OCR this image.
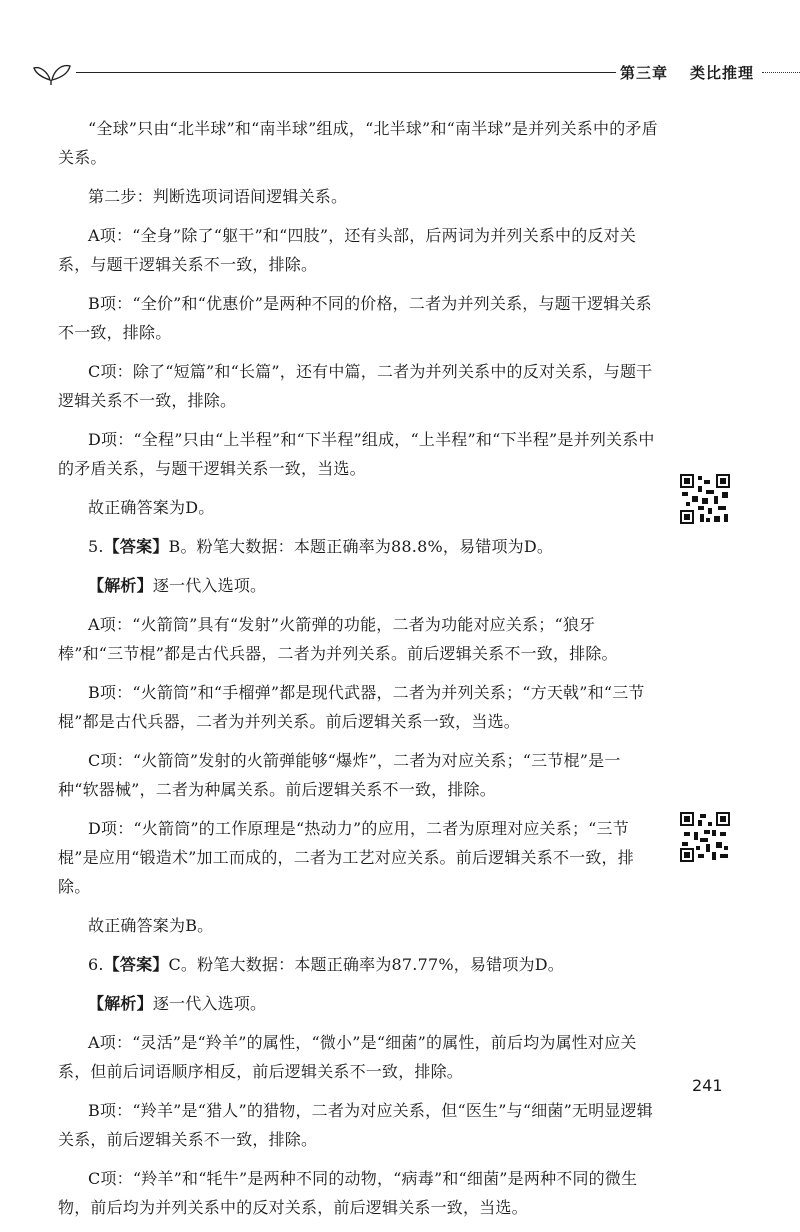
第三章 类比推理

“全球”只由“北半球”和“南半球”组成，“北半球”和“南半球”是并列关系中的矛盾关系。

第二步：判断选项词语间逻辑关系。

A项：“全身”除了“躯干”和“四肢”，还有头部，后两词为并列关系中的反对关系，与题干逻辑关系不一致，排除。

B项：“全价”和“优惠价”是两种不同的价格，二者为并列关系，与题干逻辑关系不一致，排除。

C项：除了“短篇”和“长篇”，还有中篇，二者为并列关系中的反对关系，与题干逻辑关系不一致，排除。

D项：“全程”只由“上半程”和“下半程”组成，“上半程”和“下半程”是并列关系中的矛盾关系，与题干逻辑关系一致，当选。

故正确答案为D。

5.【答案】B。粉笔大数据：本题正确率为88.8%，易错项为D。

【解析】逐一代入选项。

A项：“火箭筒”具有“发射”火箭弹的功能，二者为功能对应关系；“狼牙棒”和“三节棍”都是古代兵器，二者为并列关系。前后逻辑关系不一致，排除。

B项：“火箭筒”和“手榴弹”都是现代武器，二者为并列关系；“方天戟”和“三节棍”都是古代兵器，二者为并列关系。前后逻辑关系一致，当选。

C项：“火箭筒”发射的火箭弹能够“爆炸”，二者为对应关系；“三节棍”是一种“软器械”，二者为种属关系。前后逻辑关系不一致，排除。

D项：“火箭筒”的工作原理是“热动力”的应用，二者为原理对应关系；“三节棍”是应用“锻造术”加工而成的，二者为工艺对应关系。前后逻辑关系不一致，排除。

故正确答案为B。

6.【答案】C。粉笔大数据：本题正确率为87.77%，易错项为D。

【解析】逐一代入选项。

A项：“灵活”是“羚羊”的属性，“微小”是“细菌”的属性，前后均为属性对应关系，但前后词语顺序相反，前后逻辑关系不一致，排除。

B项：“羚羊”是“猎人”的猎物，二者为对应关系，但“医生”与“细菌”无明显逻辑关系，前后逻辑关系不一致，排除。

C项：“羚羊”和“牦牛”是两种不同的动物，“病毒”和“细菌”是两种不同的微生物，前后均为并列关系中的反对关系，前后逻辑关系一致，当选。

241
